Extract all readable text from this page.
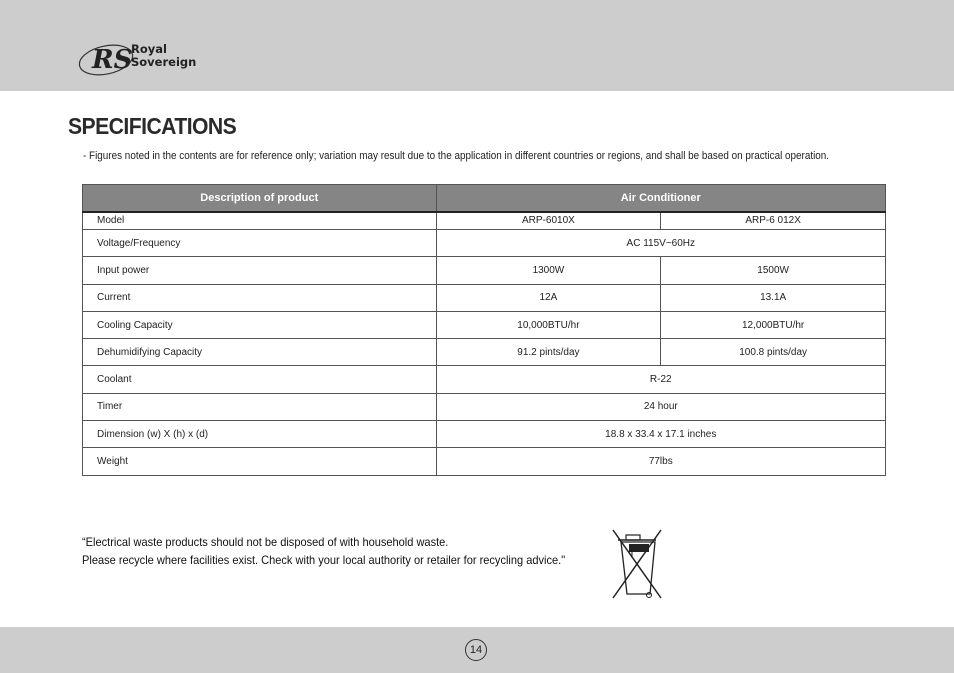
RS
Royal
Sovereign
SPECIFICATIONS
- Figures noted in the contents are for reference only; variation may result due to the application in different countries or regions, and shall be based on practical operation.
Description of product	Air Conditioner	
Model	ARP-6010X	ARP-6 012X
Voltage/Frequency	AC 115V~60Hz	
Input power	1300W	1500W
Current	12A	13.1A
Cooling Capacity	10,000BTU/hr	12,000BTU/hr
Dehumidifying Capacity	91.2 pints/day	100.8 pints/day
Coolant	R-22	
Timer	24 hour	
Dimension (w) X (h) x (d)	18.8 x 33.4 x 17.1 inches	
Weight	77lbs	
“Electrical waste products should not be disposed of with household waste.
Please recycle where facilities exist. Check with your local authority or retailer for recycling advice."
14
